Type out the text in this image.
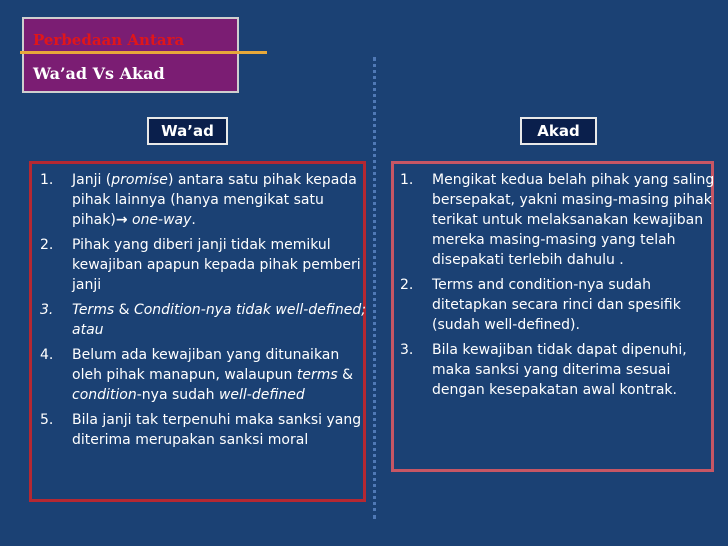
Perbedaan Antara
Wa’ad Vs Akad
Wa’ad	Akad
1.	Janji (promise) antara satu pihak kepada pihak lainnya (hanya mengikat satu pihak)→ one-way.
2.	Pihak yang diberi janji tidak memikul kewajiban apapun kepada pihak pemberi janji
3.	Terms & Condition-nya tidak well-defined; atau
4.	Belum ada kewajiban yang ditunaikan oleh pihak manapun, walaupun terms & condition-nya sudah well-defined
5.	Bila janji tak terpenuhi maka sanksi yang diterima merupakan sanksi moral
1.	Mengikat kedua belah pihak yang saling bersepakat, yakni masing-masing pihak terikat untuk melaksanakan kewajiban mereka masing-masing yang telah disepakati terlebih dahulu .
2.	Terms and condition-nya sudah ditetapkan secara rinci dan spesifik (sudah well-defined).
3.	Bila kewajiban tidak dapat dipenuhi, maka sanksi yang diterima sesuai dengan kesepakatan awal kontrak.
